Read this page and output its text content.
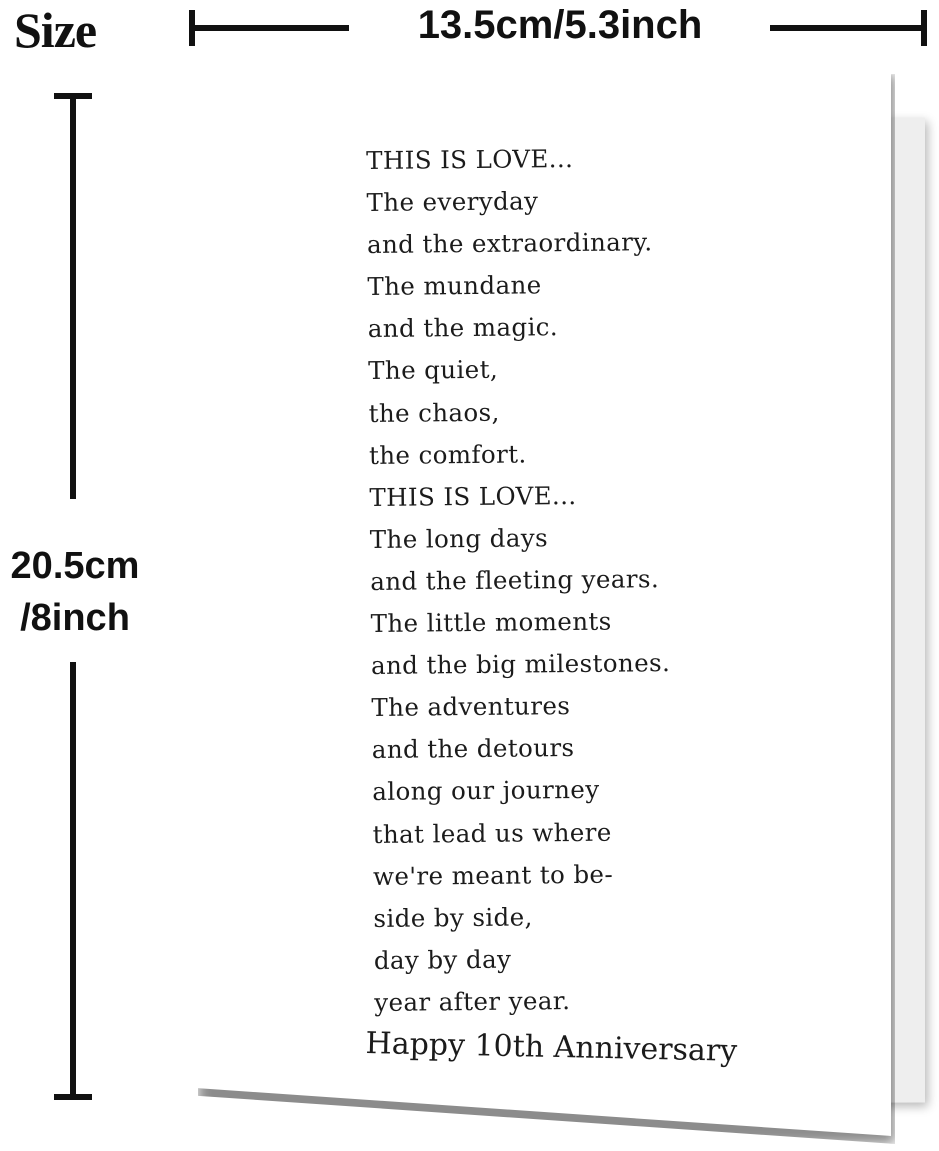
Size	13.5cm/5.3inch
20.5cm
/8inch
THIS IS LOVE...
The everyday
and the extraordinary.
The mundane
and the magic.
The quiet,
the chaos,
the comfort.
THIS IS LOVE...
The long days
and the fleeting years.
The little moments
and the big milestones.
The adventures
and the detours
along our journey
that lead us where
we're meant to be-
side by side,
day by day
year after year.
Happy 10th Anniversary
